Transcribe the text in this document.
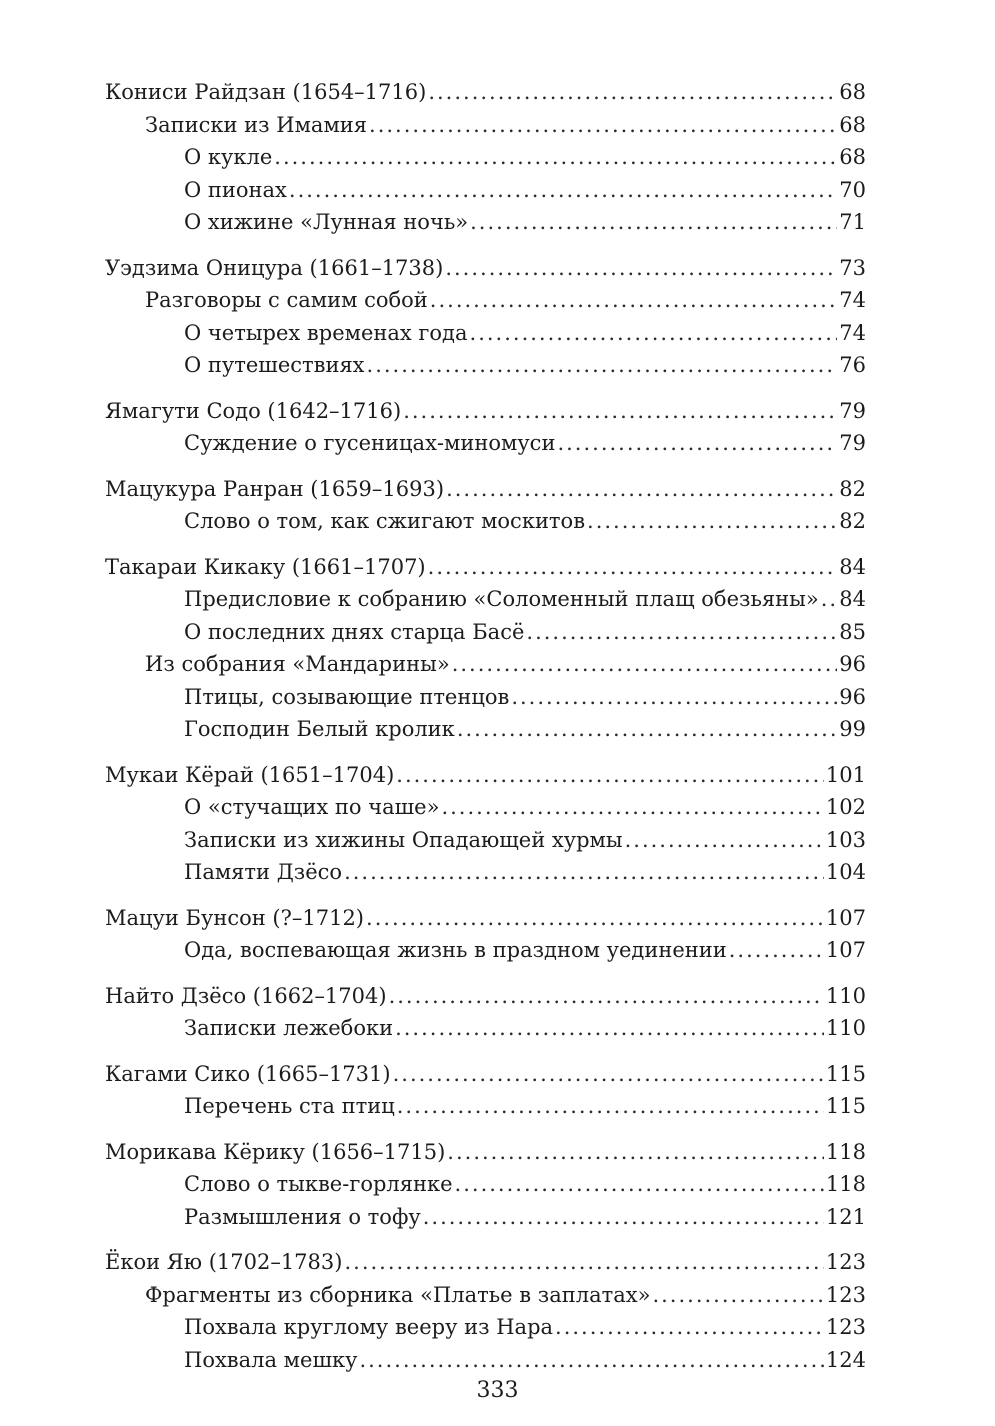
Кониси Райдзан (1654–1716) .....	68
Записки из Имамия .....	68
О кукле .....	68
О пионах .....	70
О хижине «Лунная ночь» .....	71
Уэдзима Оницура (1661–1738) .....	73
Разговоры с самим собой .....	74
О четырех временах года .....	74
О путешествиях .....	76
Ямагути Содо (1642–1716) .....	79
Суждение о гусеницах-миномуси .....	79
Мацукура Ранран (1659–1693) .....	82
Слово о том, как сжигают москитов .....	82
Такараи Кикаку (1661–1707) .....	84
Предисловие к собранию «Соломенный плащ обезьяны» ..... 84
О последних днях старца Басё .....	85
Из собрания «Мандарины» .....	96
Птицы, созывающие птенцов .....	96
Господин Белый кролик .....	99
Мукаи Кёрай (1651–1704) .....	101
О «стучащих по чаше» .....	102
Записки из хижины Опадающей хурмы .....	103
Памяти Дзёсо .....	104
Мацуи Бунсон (?–1712) .....	107
Ода, воспевающая жизнь в праздном уединении .....	107
Найто Дзёсо (1662–1704) .....	110
Записки лежебоки .....	110
Кагами Сико (1665–1731) .....	115
Перечень ста птиц .....	115
Морикава Кёрику (1656–1715) .....	118
Слово о тыкве-горлянке .....	118
Размышления о тофу .....	121
Ёкои Яю (1702–1783) .....	123
Фрагменты из сборника «Платье в заплатах» .....	123
Похвала круглому вееру из Нара .....	123
Похвала мешку .....	124
333
